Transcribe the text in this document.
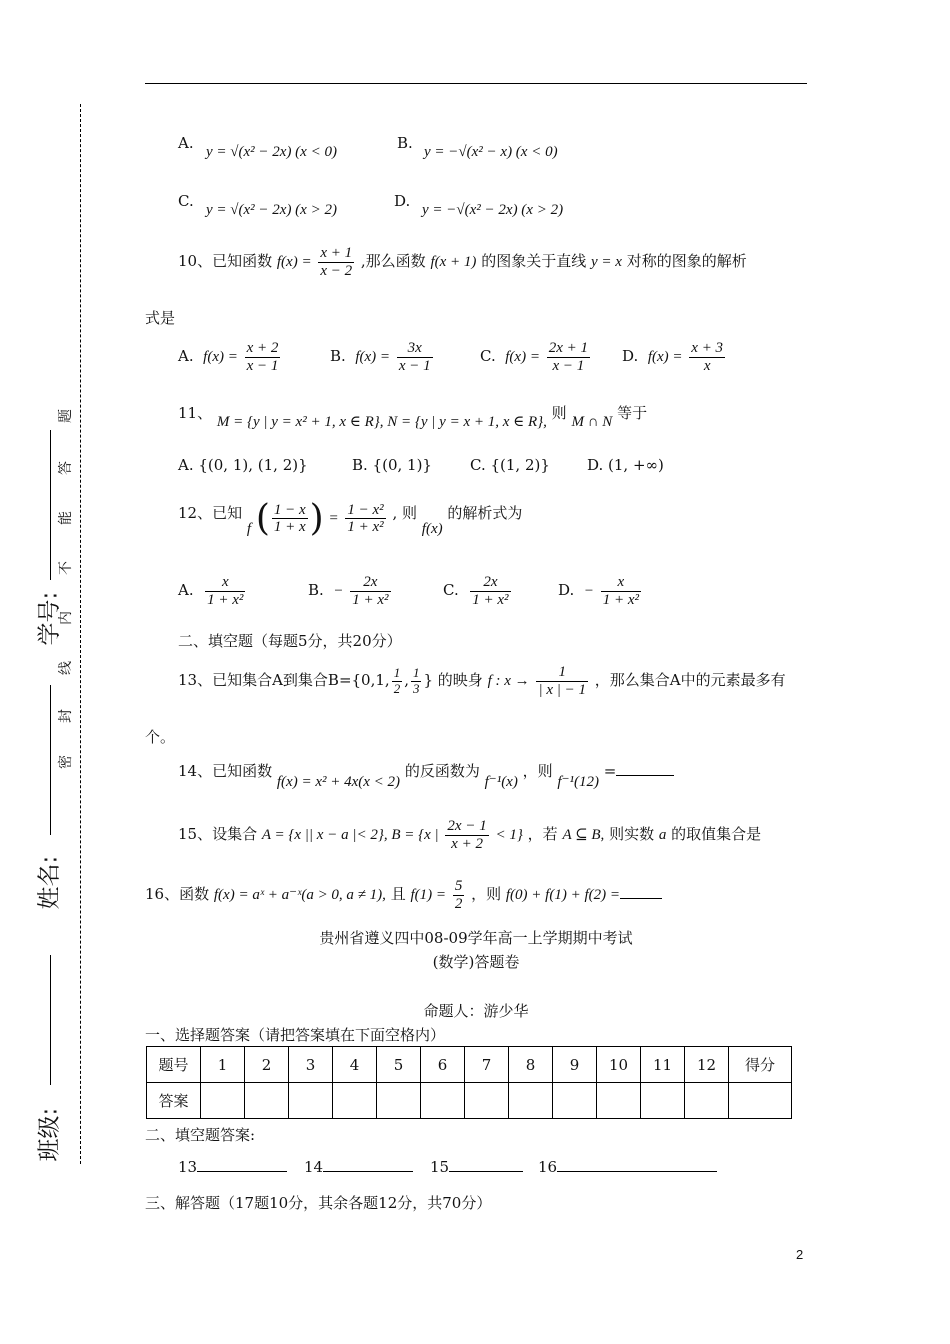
班级:
姓名:
学号:
密
封
线
内
不
能
答
题
A. y = √(x² − 2x) (x < 0)	B. y = −√(x² − x) (x < 0)
C. y = √(x² − 2x) (x > 2)	D. y = −√(x² − 2x) (x > 2)
10、已知函数 $f(x) = \frac{x + 1}{x - 2}$ ,那么函数 f(x + 1) 的图象关于直线 y = x 对称的图象的解析
式是
A. $f(x) = \frac{x + 2}{x - 1}$	B. $f(x) = \frac{3x}{x - 1}$	C. $f(x) = \frac{2x + 1}{x - 1} D$. $f(x) = \frac{x + 3}{x}$
11、 M = {y | y = x² + 1, x ∈ R}, N = {y | y = x + 1, x ∈ R}, 则 M ∩ N 等于
A. {(0, 1), (1, 2)}	B. {(0, 1)}	C. {(1, 2)} D. (1, +∞)
12、已知 f ( $\frac{1 - x}{1 + x}$ ) = $\frac{\text{1 − x²}}{\text{1 + x²}}$ , 则 f(x) 的解析式为
A. $\frac{x}{\text{1 + x²}}$	B. − $\frac{2x}{\text{1 + x²}}$	C. $\frac{2x}{\text{1 + x²}}$	D. − $\frac{x}{\text{1 + x²}}$
二、填空题（每题5分，共20分）
13、已知集合A到集合B={0,1, $\frac{1}{2}$ , $\frac{1}{3}$ } 的映身 f : $x \to \frac{1}{| x | - 1}$ ，那么集合A中的元素最多有
个。
14、已知函数 f(x) = x² + 4x(x < 2) 的反函数为 f⁻¹(x) ，则 f⁻¹(12) =
15、设集合 A = {x || x − a |< 2}, B = {x | $\frac{2x - 1}{x + 2} < 1$} ，若 A ⊆ B, 则实数 a 的取值集合是
16、函数 f(x) = aˣ + a⁻ˣ(a > 0, a ≠ 1), 且 $f(1) = \frac{5}{2}$ ，则 f(0) + f(1) + f(2) =
贵州省遵义四中08-09学年高一上学期期中考试
(数学)答题卷
命题人：游少华
一、选择题答案（请把答案填在下面空格内）
题号	1	2	3	4	5	6	7	8	9	10	11	12	得分
答案													
二、填空题答案:
13	14	15	16
三、解答题（17题10分，其余各题12分，共70分）
2
